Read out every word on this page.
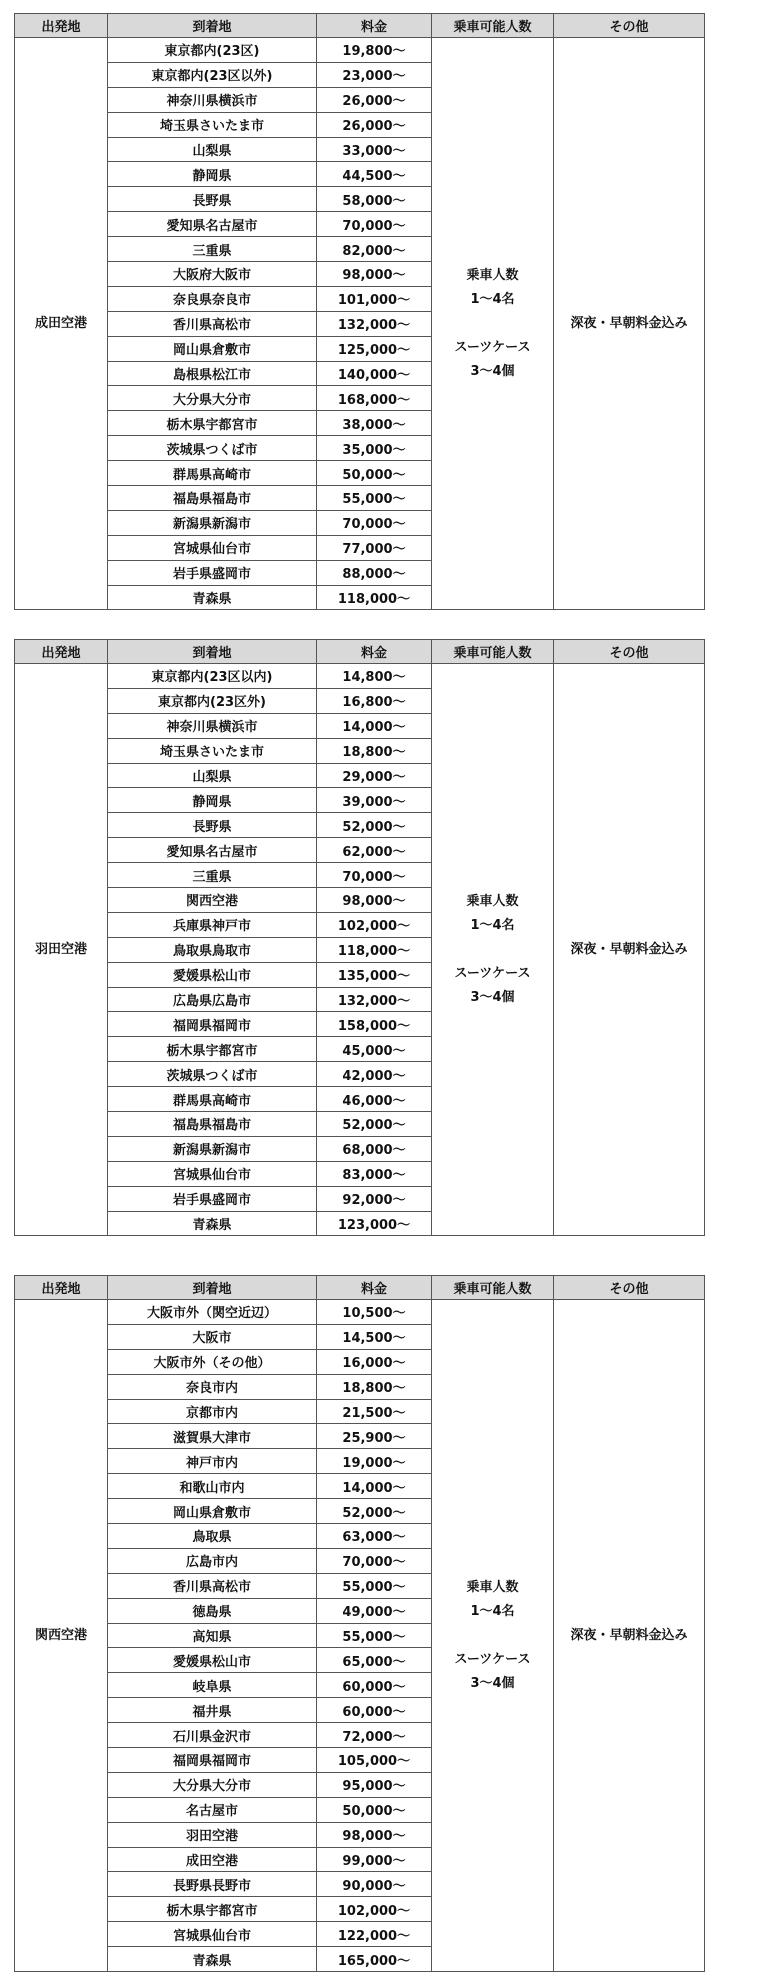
出発地	到着地	料金	乗車可能人数	その他
成田空港	東京都内(23区)	19,800～	乗車人数
1～4名
スーツケース
3～4個	深夜・早朝料金込み
	東京都内(23区以外)	23,000～		
	神奈川県横浜市	26,000～		
	埼玉県さいたま市	26,000～		
	山梨県	33,000～		
	静岡県	44,500～		
	長野県	58,000～		
	愛知県名古屋市	70,000～		
	三重県	82,000～		
	大阪府大阪市	98,000～		
	奈良県奈良市	101,000～		
	香川県高松市	132,000～		
	岡山県倉敷市	125,000～		
	島根県松江市	140,000～		
	大分県大分市	168,000～		
	栃木県宇都宮市	38,000～		
	茨城県つくば市	35,000～		
	群馬県高崎市	50,000～		
	福島県福島市	55,000～		
	新潟県新潟市	70,000～		
	宮城県仙台市	77,000～		
	岩手県盛岡市	88,000～		
	青森県	118,000～		
出発地	到着地	料金	乗車可能人数	その他
羽田空港	東京都内(23区以内)	14,800～	乗車人数
1～4名
スーツケース
3～4個	深夜・早朝料金込み
	東京都内(23区外)	16,800～		
	神奈川県横浜市	14,000～		
	埼玉県さいたま市	18,800～		
	山梨県	29,000～		
	静岡県	39,000～		
	長野県	52,000～		
	愛知県名古屋市	62,000～		
	三重県	70,000～		
	関西空港	98,000～		
	兵庫県神戸市	102,000～		
	鳥取県鳥取市	118,000～		
	愛媛県松山市	135,000～		
	広島県広島市	132,000～		
	福岡県福岡市	158,000～		
	栃木県宇都宮市	45,000～		
	茨城県つくば市	42,000～		
	群馬県高崎市	46,000～		
	福島県福島市	52,000～		
	新潟県新潟市	68,000～		
	宮城県仙台市	83,000～		
	岩手県盛岡市	92,000～		
	青森県	123,000～		
出発地	到着地	料金	乗車可能人数	その他
関西空港	大阪市外（関空近辺）	10,500～	乗車人数
1～4名
スーツケース
3～4個	深夜・早朝料金込み
	大阪市	14,500～		
	大阪市外（その他）	16,000～		
	奈良市内	18,800～		
	京都市内	21,500～		
	滋賀県大津市	25,900～		
	神戸市内	19,000～		
	和歌山市内	14,000～		
	岡山県倉敷市	52,000～		
	鳥取県	63,000～		
	広島市内	70,000～		
	香川県高松市	55,000～		
	徳島県	49,000～		
	高知県	55,000～		
	愛媛県松山市	65,000～		
	岐阜県	60,000～		
	福井県	60,000～		
	石川県金沢市	72,000～		
	福岡県福岡市	105,000～		
	大分県大分市	95,000～		
	名古屋市	50,000～		
	羽田空港	98,000～		
	成田空港	99,000～		
	長野県長野市	90,000～		
	栃木県宇都宮市	102,000～		
	宮城県仙台市	122,000～		
	青森県	165,000～		
